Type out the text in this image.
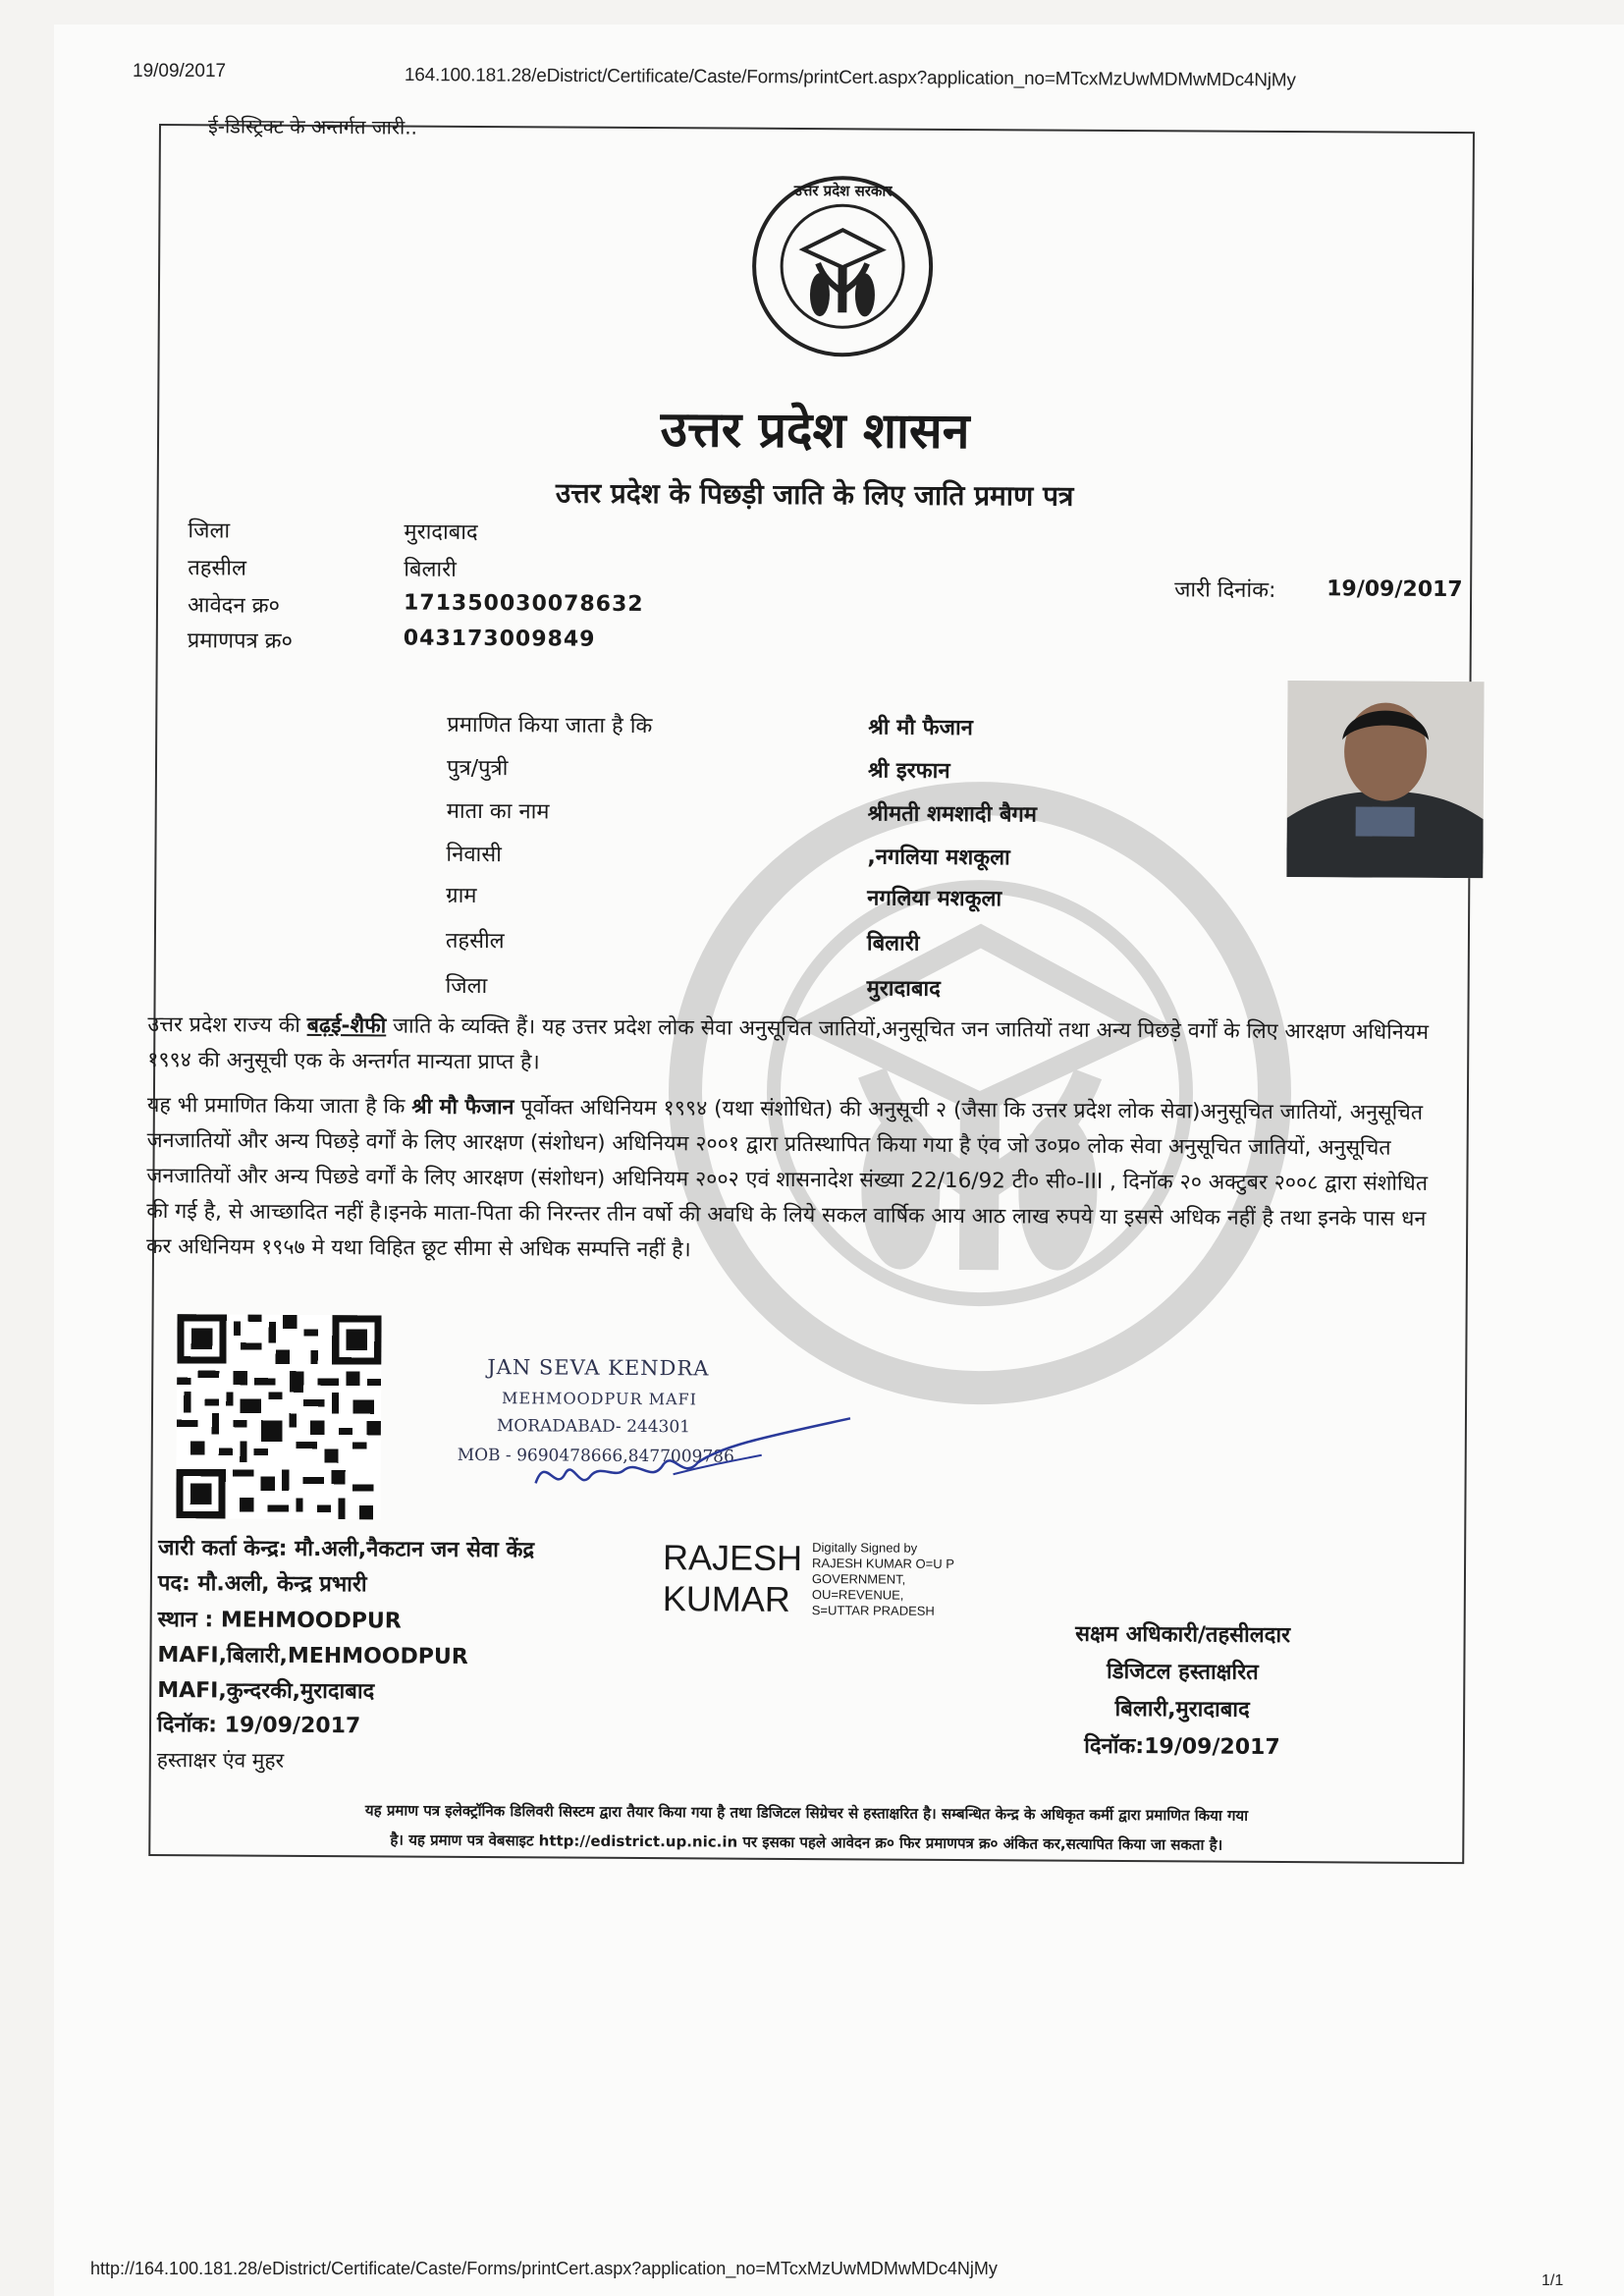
19/09/2017	164.100.181.28/eDistrict/Certificate/Caste/Forms/printCert.aspx?application_no=MTcxMzUwMDMwMDc4NjMy
ई-डिस्ट्रिक्ट के अन्तर्गत जारी..
उत्तर प्रदेश सरकार
उत्तर प्रदेश शासन
उत्तर प्रदेश के पिछड़ी जाति के लिए जाति प्रमाण पत्र
जिला	मुरादाबाद
तहसील	बिलारी
आवेदन क्र०	171350030078632
प्रमाणपत्र क्र०	043173009849
जारी दिनांक: 19/09/2017
प्रमाणित किया जाता है कि	श्री मौ फैजान
पुत्र/पुत्री	श्री इरफान
माता का नाम	श्रीमती शमशादी बैगम
निवासी	,नगलिया मशकूला
ग्राम	नगलिया मशकूला
तहसील	बिलारी
जिला	मुरादाबाद
उत्तर प्रदेश राज्य की बढ़ई-शैफी जाति के व्यक्ति हैं। यह उत्तर प्रदेश लोक सेवा अनुसूचित जातियों,अनुसूचित जन जातियों तथा अन्य पिछड़े वर्गों के लिए आरक्षण अधिनियम १९९४ की अनुसूची एक के अन्तर्गत मान्यता प्राप्त है।
यह भी प्रमाणित किया जाता है कि श्री मौ फैजान पूर्वोक्त अधिनियम १९९४ (यथा संशोधित) की अनुसूची २ (जैसा कि उत्तर प्रदेश लोक सेवा)अनुसूचित जातियों, अनुसूचित जनजातियों और अन्य पिछड़े वर्गों के लिए आरक्षण (संशोधन) अधिनियम २००१ द्वारा प्रतिस्थापित किया गया है एंव जो उ०प्र० लोक सेवा अनुसूचित जातियों, अनुसूचित जनजातियों और अन्य पिछडे वर्गों के लिए आरक्षण (संशोधन) अधिनियम २००२ एवं शासनादेश संख्या 22/16/92 टी० सी०-III , दिनॉक २० अक्टुबर २००८ द्वारा संशोधित की गई है, से आच्छादित नहीं है।इनके माता-पिता की निरन्तर तीन वर्षो की अवधि के लिये सकल वार्षिक आय आठ लाख रुपये या इससे अधिक नहीं है तथा इनके पास धन कर अधिनियम १९५७ मे यथा विहित छूट सीमा से अधिक सम्पत्ति नहीं है।
JAN SEVA KENDRA
MEHMOODPUR MAFI
MORADABAD- 244301
MOB - 9690478666,8477009786
जारी कर्ता केन्द्र: मौ.अली,नैकटान जन सेवा केंद्र
पद: मौ.अली, केन्द्र प्रभारी
स्थान : MEHMOODPUR MAFI,बिलारी,MEHMOODPUR MAFI,कुन्दरकी,मुरादाबाद
दिनॉक: 19/09/2017
हस्ताक्षर एंव मुहर
RAJESH
KUMAR
Digitally Signed by
RAJESH KUMAR O=U P
GOVERNMENT,
OU=REVENUE,
S=UTTAR PRADESH
सक्षम अधिकारी/तहसीलदार
डिजिटल हस्ताक्षरित
बिलारी,मुरादाबाद
दिनॉक:19/09/2017
यह प्रमाण पत्र इलेक्ट्रॉनिक डिलिवरी सिस्टम द्वारा तैयार किया गया है तथा डिजिटल सिग्रेचर से हस्ताक्षरित है। सम्बन्धित केन्द्र के अधिकृत कर्मी द्वारा प्रमाणित किया गया
है। यह प्रमाण पत्र वेबसाइट http://edistrict.up.nic.in पर इसका पहले आवेदन क्र० फिर प्रमाणपत्र क्र० अंकित कर,सत्यापित किया जा सकता है।
http://164.100.181.28/eDistrict/Certificate/Caste/Forms/printCert.aspx?application_no=MTcxMzUwMDMwMDc4NjMy
1/1
